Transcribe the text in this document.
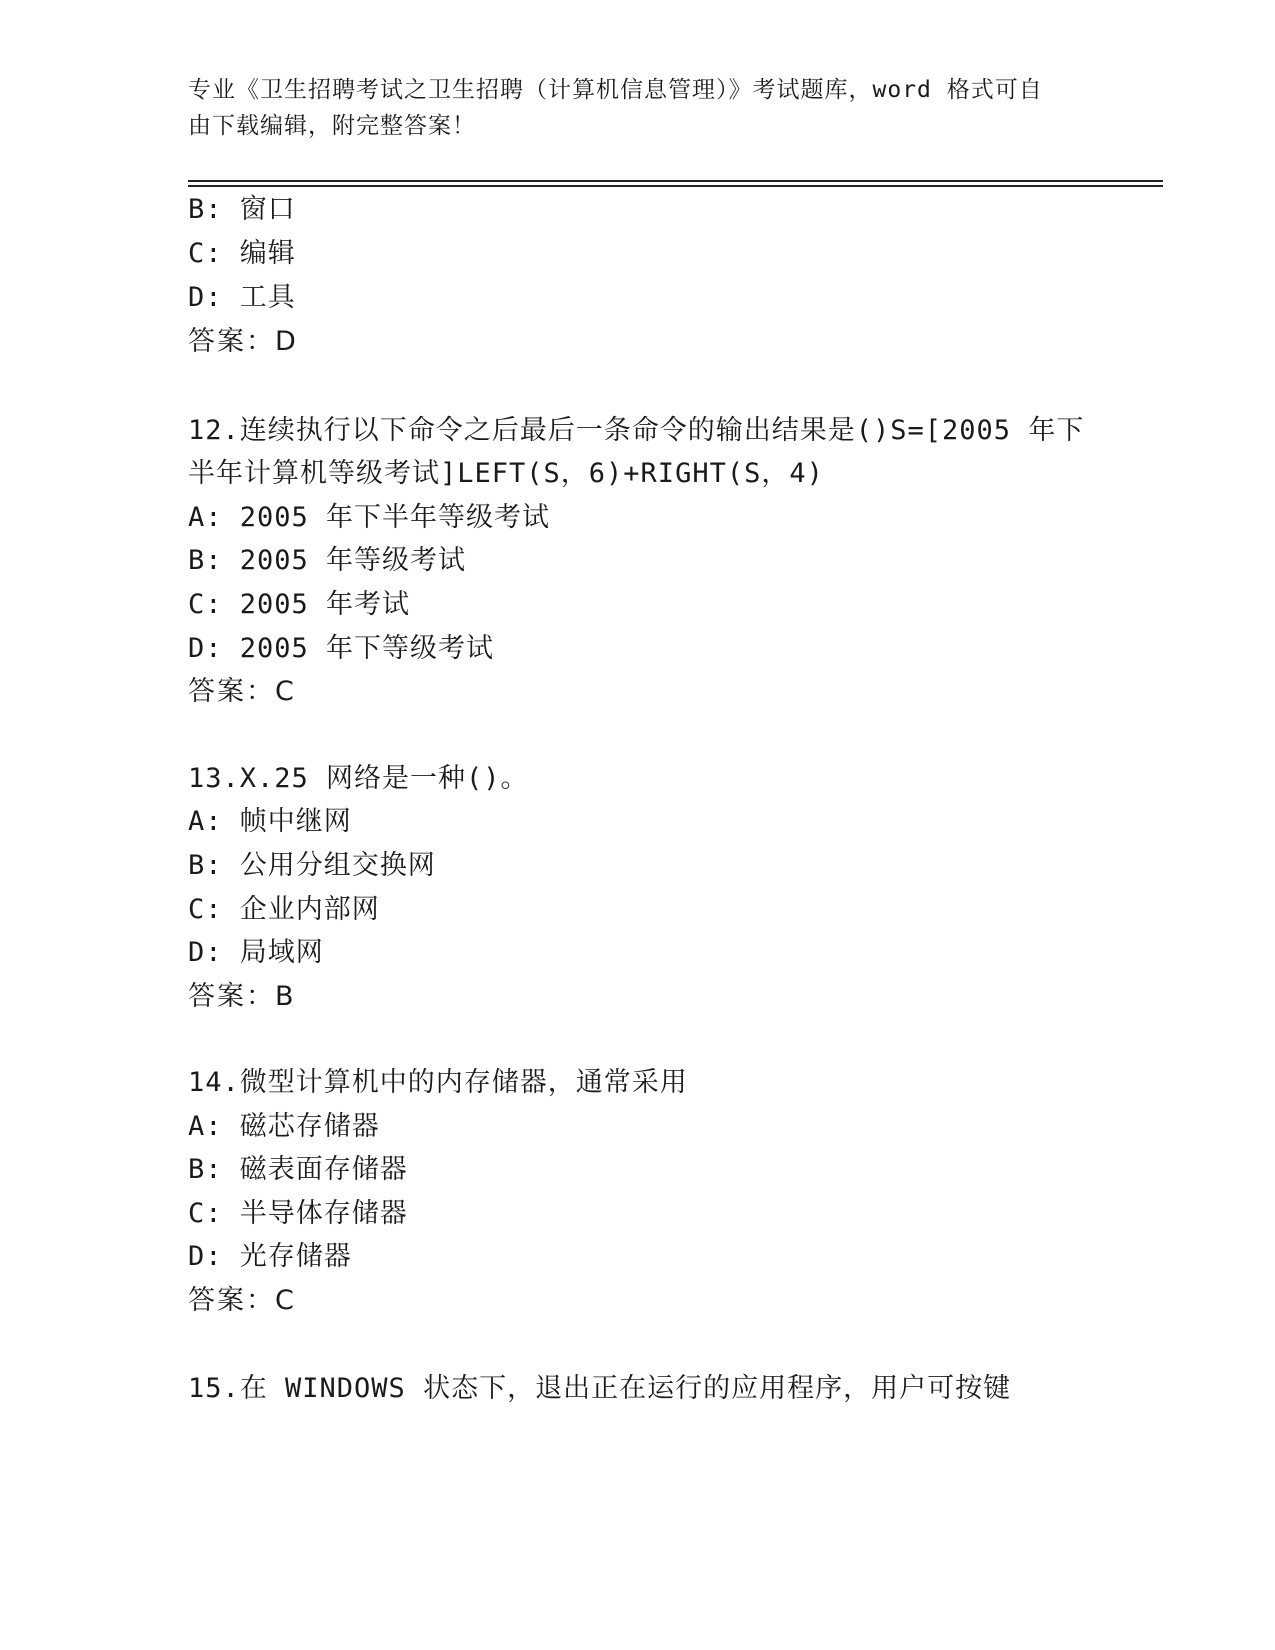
专业《卫生招聘考试之卫生招聘（计算机信息管理）》考试题库，word 格式可自
由下载编辑，附完整答案！
B: 窗口
C: 编辑
D: 工具
答案：D
12.连续执行以下命令之后最后一条命令的输出结果是()S=[2005 年下
半年计算机等级考试]LEFT(S，6)+RIGHT(S，4)
A: 2005 年下半年等级考试
B: 2005 年等级考试
C: 2005 年考试
D: 2005 年下等级考试
答案：C
13.X.25 网络是一种()。
A: 帧中继网
B: 公用分组交换网
C: 企业内部网
D: 局域网
答案：B
14.微型计算机中的内存储器，通常采用
A: 磁芯存储器
B: 磁表面存储器
C: 半导体存储器
D: 光存储器
答案：C
15.在 WINDOWS 状态下，退出正在运行的应用程序，用户可按键
